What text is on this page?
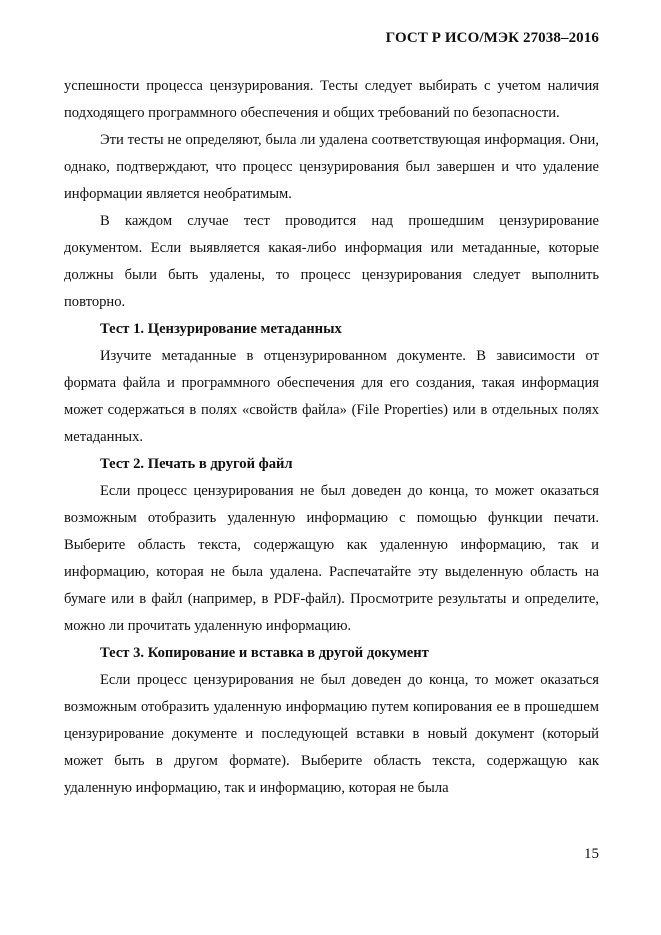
ГОСТ Р ИСО/МЭК 27038–2016

успешности процесса цензурирования. Тесты следует выбирать с учетом наличия подходящего программного обеспечения и общих требований по безопасности.

Эти тесты не определяют, была ли удалена соответствующая информация. Они, однако, подтверждают, что процесс цензурирования был завершен и что удаление информации является необратимым.

В каждом случае тест проводится над прошедшим цензурирование документом. Если выявляется какая-либо информация или метаданные, которые должны были быть удалены, то процесс цензурирования следует выполнить повторно.

Тест 1. Цензурирование метаданных

Изучите метаданные в отцензурированном документе. В зависимости от формата файла и программного обеспечения для его создания, такая информация может содержаться в полях «свойств файла» (File Properties) или в отдельных полях метаданных.

Тест 2. Печать в другой файл

Если процесс цензурирования не был доведен до конца, то может оказаться возможным отобразить удаленную информацию с помощью функции печати. Выберите область текста, содержащую как удаленную информацию, так и информацию, которая не была удалена. Распечатайте эту выделенную область на бумаге или в файл (например, в PDF-файл). Просмотрите результаты и определите, можно ли прочитать удаленную информацию.

Тест 3. Копирование и вставка в другой документ

Если процесс цензурирования не был доведен до конца, то может оказаться возможным отобразить удаленную информацию путем копирования ее в прошедшем цензурирование документе и последующей вставки в новый документ (который может быть в другом формате). Выберите область текста, содержащую как удаленную информацию, так и информацию, которая не была

15
